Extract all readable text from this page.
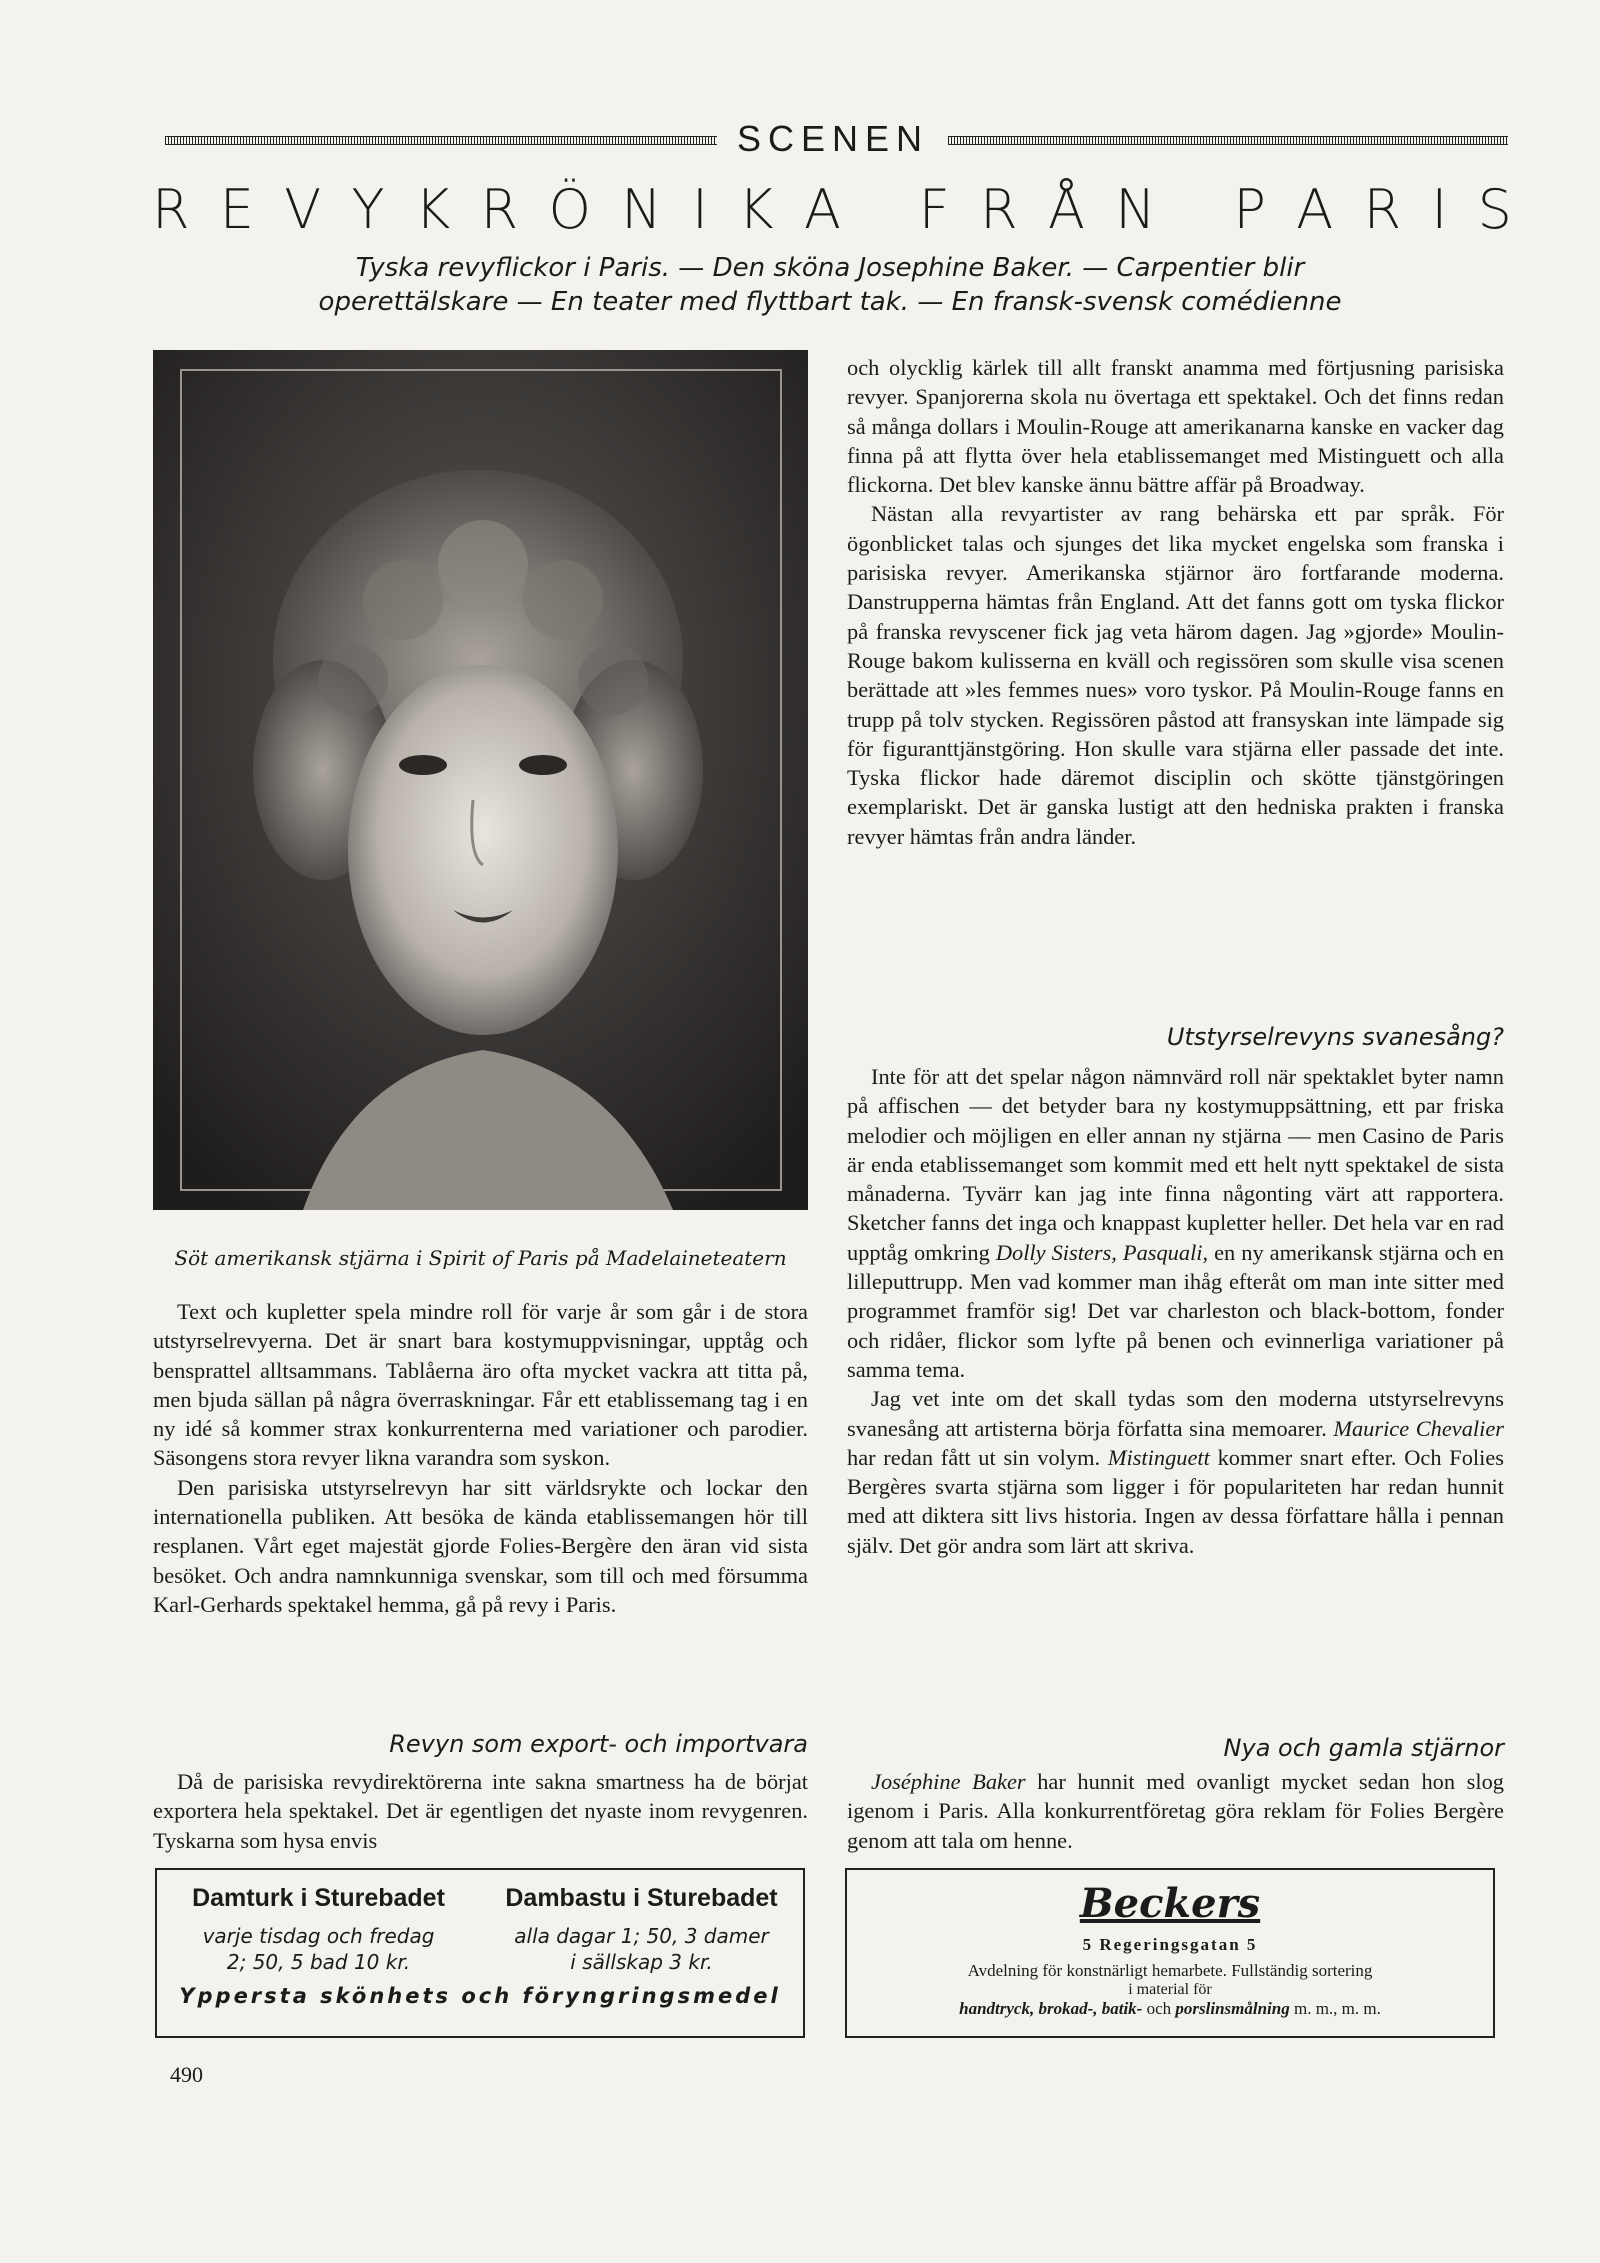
SCENEN
R E V Y K R Ö N I K A
F R Å N
P A R I S
Tyska revyflickor i Paris. — Den sköna Josephine Baker. — Carpentier blir
operettälskare — En teater med flyttbart tak. — En fransk-svensk comédienne
Söt amerikansk stjärna i Spirit of Paris på Madelaineteatern

Text och kupletter spela mindre roll för varje år som går i de stora utstyrselrevyerna. Det är snart bara kostymuppvisningar, upptåg och bensprattel alltsammans. Tablåerna äro ofta mycket vackra att titta på, men bjuda sällan på några överraskningar. Får ett etablissemang tag i en ny idé så kommer strax konkurrenterna med variationer och parodier. Säsongens stora revyer likna varandra som syskon.

Den parisiska utstyrselrevyn har sitt världsrykte och lockar den internationella publiken. Att besöka de kända etablissemangen hör till resplanen. Vårt eget majestät gjorde Folies-Bergère den äran vid sista besöket. Och andra namnkunniga svenskar, som till och med försumma Karl-Gerhards spektakel hemma, gå på revy i Paris.

Revyn som export- och importvara

Då de parisiska revydirektörerna inte sakna smartness ha de börjat exportera hela spektakel. Det är egentligen det nyaste inom revygenren. Tyskarna som hysa envis

och olycklig kärlek till allt franskt anamma med förtjusning parisiska revyer. Spanjorerna skola nu övertaga ett spektakel. Och det finns redan så många dollars i Moulin-Rouge att amerikanarna kanske en vacker dag finna på att flytta över hela etablissemanget med Mistinguett och alla flickorna. Det blev kanske ännu bättre affär på Broadway.

Nästan alla revyartister av rang behärska ett par språk. För ögonblicket talas och sjunges det lika mycket engelska som franska i parisiska revyer. Amerikanska stjärnor äro fortfarande moderna. Danstrupperna hämtas från England. Att det fanns gott om tyska flickor på franska revyscener fick jag veta härom dagen. Jag »gjorde» Moulin-Rouge bakom kulisserna en kväll och regissören som skulle visa scenen berättade att »les femmes nues» voro tyskor. På Moulin-Rouge fanns en trupp på tolv stycken. Regissören påstod att fransyskan inte lämpade sig för figuranttjänstgöring. Hon skulle vara stjärna eller passade det inte. Tyska flickor hade däremot disciplin och skötte tjänstgöringen exemplariskt. Det är ganska lustigt att den hedniska prakten i franska revyer hämtas från andra länder.

Utstyrselrevyns svanesång?

Inte för att det spelar någon nämnvärd roll när spektaklet byter namn på affischen — det betyder bara ny kostymuppsättning, ett par friska melodier och möjligen en eller annan ny stjärna — men Casino de Paris är enda etablissemanget som kommit med ett helt nytt spektakel de sista månaderna. Tyvärr kan jag inte finna någonting värt att rapportera. Sketcher fanns det inga och knappast kupletter heller. Det hela var en rad upptåg omkring Dolly Sisters, Pasquali, en ny amerikansk stjärna och en lilleputtrupp. Men vad kommer man ihåg efteråt om man inte sitter med programmet framför sig! Det var charleston och black-bottom, fonder och ridåer, flickor som lyfte på benen och evinnerliga variationer på samma tema.

Jag vet inte om det skall tydas som den moderna utstyrselrevyns svanesång att artisterna börja författa sina memoarer. Maurice Chevalier har redan fått ut sin volym. Mistinguett kommer snart efter. Och Folies Bergères svarta stjärna som ligger i för populariteten har redan hunnit med att diktera sitt livs historia. Ingen av dessa författare hålla i pennan själv. Det gör andra som lärt att skriva.

Nya och gamla stjärnor

Joséphine Baker har hunnit med ovanligt mycket sedan hon slog igenom i Paris. Alla konkurrentföretag göra reklam för Folies Bergère genom att tala om henne.

Damturk i Sturebadet
varje tisdag och fredag
2; 50, 5 bad 10 kr.
Dambastu i Sturebadet
alla dagar 1; 50, 3 damer
i sällskap 3 kr.
Yppersta skönhets och föryngringsmedel
Beckers
5 Regeringsgatan 5
Avdelning för konstnärligt hemarbete. Fullständig sortering
i material för
handtryck, brokad-, batik- och porslinsmålning m. m., m. m.
490
